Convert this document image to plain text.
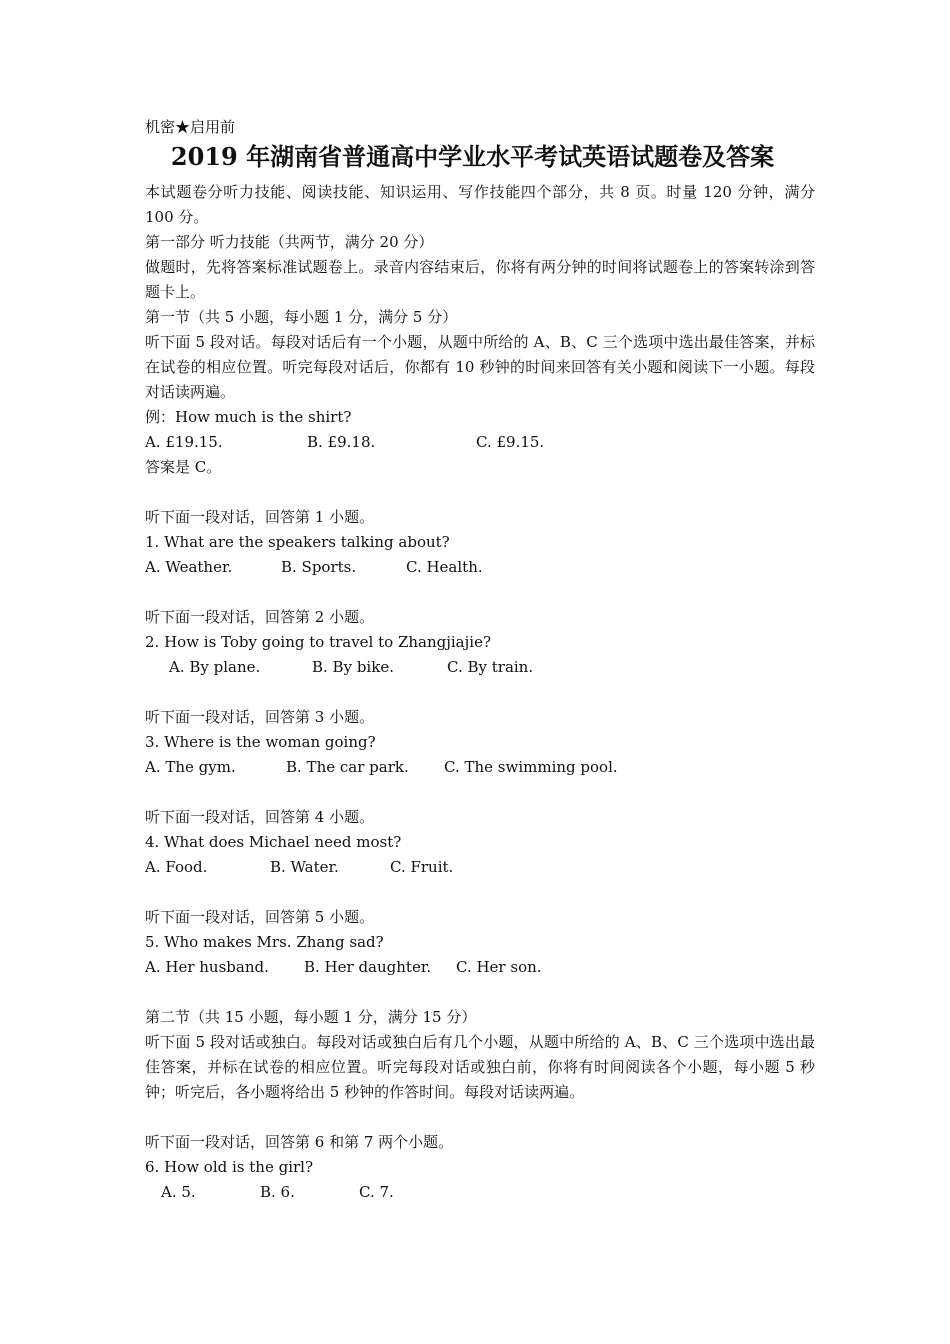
机密★启用前
2019 年湖南省普通高中学业水平考试英语试题卷及答案
本试题卷分听力技能、阅读技能、知识运用、写作技能四个部分，共 8 页。时量 120 分钟，满分 100 分。
第一部分 听力技能（共两节，满分 20 分）
做题时，先将答案标准试题卷上。录音内容结束后，你将有两分钟的时间将试题卷上的答案转涂到答题卡上。
第一节（共 5 小题，每小题 1 分，满分 5 分）
听下面 5 段对话。每段对话后有一个小题，从题中所给的 A、B、C 三个选项中选出最佳答案，并标在试卷的相应位置。听完每段对话后，你都有 10 秒钟的时间来回答有关小题和阅读下一小题。每段对话读两遍。
例：How much is the shirt?
A. £19.15.	B. £9.18.	C. £9.15.
答案是 C。
听下面一段对话，回答第 1 小题。
1. What are the speakers talking about?
A. Weather.	B. Sports.	C. Health.
听下面一段对话，回答第 2 小题。
2. How is Toby going to travel to Zhangjiajie?
A. By plane.	B. By bike.	C. By train.
听下面一段对话，回答第 3 小题。
3. Where is the woman going?
A. The gym.	B. The car park. C. The swimming pool.
听下面一段对话，回答第 4 小题。
4. What does Michael need most?
A. Food.	B. Water.	C. Fruit.
听下面一段对话，回答第 5 小题。
5. Who makes Mrs. Zhang sad?
A. Her husband. B. Her daughter. C. Her son.
第二节（共 15 小题，每小题 1 分，满分 15 分）
听下面 5 段对话或独白。每段对话或独白后有几个小题，从题中所给的 A、B、C 三个选项中选出最佳答案，并标在试卷的相应位置。听完每段对话或独白前，你将有时间阅读各个小题，每小题 5 秒钟；听完后，各小题将给出 5 秒钟的作答时间。每段对话读两遍。
听下面一段对话，回答第 6 和第 7 两个小题。
6. How old is the girl?
A. 5.	B. 6.	C. 7.
